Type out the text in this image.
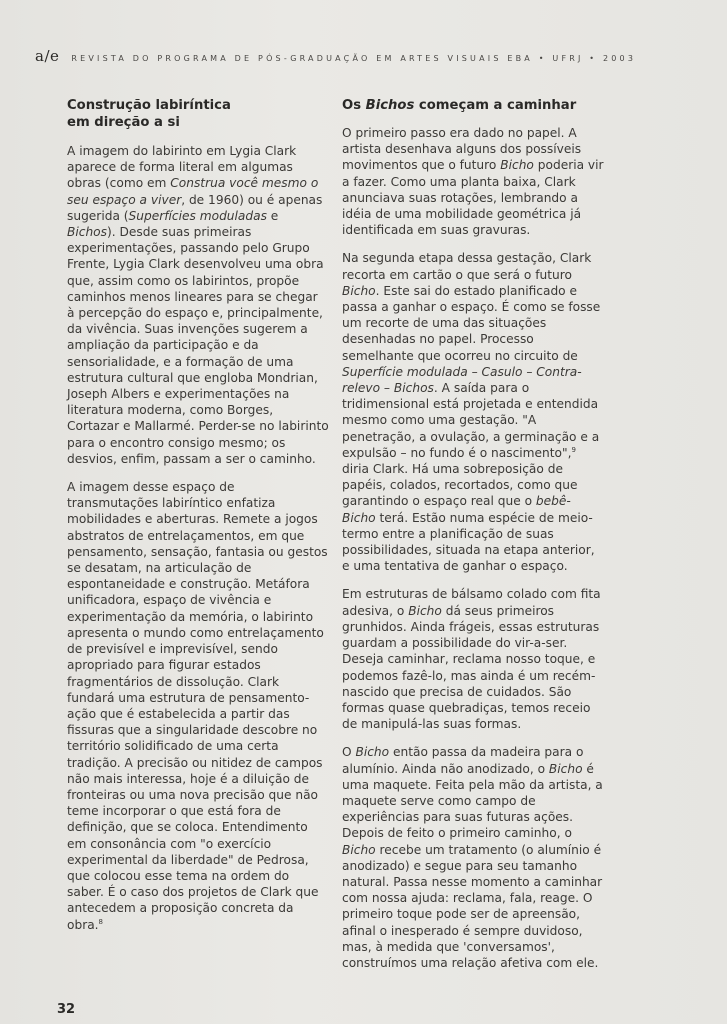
a/e REVISTA DO PROGRAMA DE PÓS-GRADUAÇÃO EM ARTES VISUAIS EBA • UFRJ • 2003
Construção labiríntica
em direção a si

A imagem do labirinto em Lygia Clark aparece de forma literal em algumas obras (como em Construa você mesmo o seu espaço a viver, de 1960) ou é apenas sugerida (Superfícies moduladas e Bichos). Desde suas primeiras experimentações, passando pelo Grupo Frente, Lygia Clark desenvolveu uma obra que, assim como os labirintos, propõe caminhos menos lineares para se chegar à percepção do espaço e, principalmente, da vivência. Suas invenções sugerem a ampliação da participação e da sensorialidade, e a formação de uma estrutura cultural que engloba Mondrian, Joseph Albers e experimentações na literatura moderna, como Borges, Cortazar e Mallarmé. Perder-se no labirinto para o encontro consigo mesmo; os desvios, enfim, passam a ser o caminho.

A imagem desse espaço de transmutações labiríntico enfatiza mobilidades e aberturas. Remete a jogos abstratos de entrelaçamentos, em que pensamento, sensação, fantasia ou gestos se desatam, na articulação de espontaneidade e construção. Metáfora unificadora, espaço de vivência e experimentação da memória, o labirinto apresenta o mundo como entrelaçamento de previsível e imprevisível, sendo apropriado para figurar estados fragmentários de dissolução. Clark fundará uma estrutura de pensamento-ação que é estabelecida a partir das fissuras que a singularidade descobre no território solidificado de uma certa tradição. A precisão ou nitidez de campos não mais interessa, hoje é a diluição de fronteiras ou uma nova precisão que não teme incorporar o que está fora de definição, que se coloca. Entendimento em consonância com "o exercício experimental da liberdade" de Pedrosa, que colocou esse tema na ordem do saber. É o caso dos projetos de Clark que antecedem a proposição concreta da obra.$^8$

Os Bichos começam a caminhar

O primeiro passo era dado no papel. A artista desenhava alguns dos possíveis movimentos que o futuro Bicho poderia vir a fazer. Como uma planta baixa, Clark anunciava suas rotações, lembrando a idéia de uma mobilidade geométrica já identificada em suas gravuras.

Na segunda etapa dessa gestação, Clark recorta em cartão o que será o futuro Bicho. Este sai do estado planificado e passa a ganhar o espaço. É como se fosse um recorte de uma das situações desenhadas no papel. Processo semelhante que ocorreu no circuito de Superfície modulada – Casulo – Contra-relevo – Bichos. A saída para o tridimensional está projetada e entendida mesmo como uma gestação. "A penetração, a ovulação, a germinação e a expulsão – no fundo é o nascimento",$^9$ diria Clark. Há uma sobreposição de papéis, colados, recortados, como que garantindo o espaço real que o bebê-Bicho terá. Estão numa espécie de meio-termo entre a planificação de suas possibilidades, situada na etapa anterior, e uma tentativa de ganhar o espaço.

Em estruturas de bálsamo colado com fita adesiva, o Bicho dá seus primeiros grunhidos. Ainda frágeis, essas estruturas guardam a possibilidade do vir-a-ser. Deseja caminhar, reclama nosso toque, e podemos fazê-lo, mas ainda é um recém-nascido que precisa de cuidados. São formas quase quebradiças, temos receio de manipulá-las suas formas.

O Bicho então passa da madeira para o alumínio. Ainda não anodizado, o Bicho é uma maquete. Feita pela mão da artista, a maquete serve como campo de experiências para suas futuras ações. Depois de feito o primeiro caminho, o Bicho recebe um tratamento (o alumínio é anodizado) e segue para seu tamanho natural. Passa nesse momento a caminhar com nossa ajuda: reclama, fala, reage. O primeiro toque pode ser de apreensão, afinal o inesperado é sempre duvidoso, mas, à medida que 'conversamos', construímos uma relação afetiva com ele.

32
